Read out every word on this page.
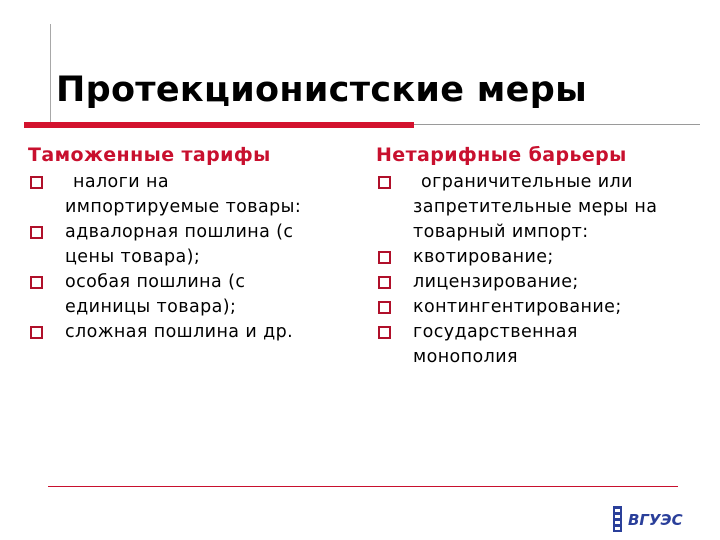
Протекционистские меры
Таможенные тарифы
налоги на
импортируемые товары:
адвалорная пошлина (с
цены товара);
особая пошлина (с
единицы товара);
сложная пошлина и др.
Нетарифные барьеры
ограничительные или
запретительные меры на
товарный импорт:
квотирование;
лицензирование;
контингентирование;
государственная
монополия
ВГУЭС
